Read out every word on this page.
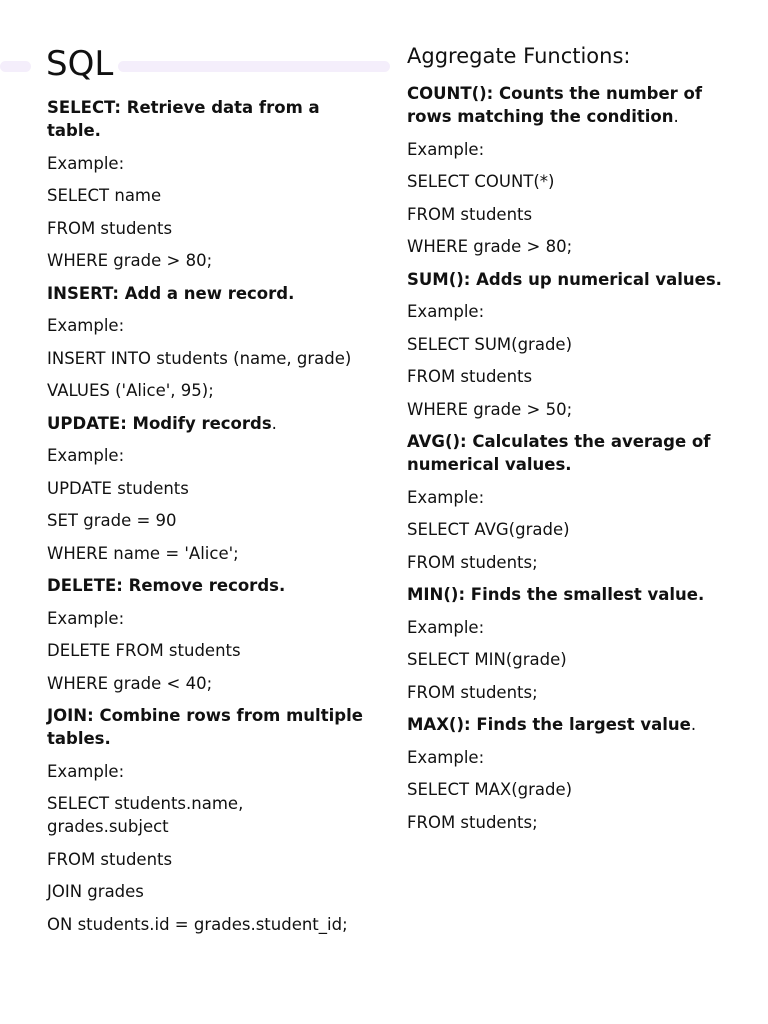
SQL

SELECT: Retrieve data from a table.

Example:

SELECT name

FROM students

WHERE grade > 80;

INSERT: Add a new record.

Example:

INSERT INTO students (name, grade)

VALUES ('Alice', 95);

UPDATE: Modify records.

Example:

UPDATE students

SET grade = 90

WHERE name = 'Alice';

DELETE: Remove records.

Example:

DELETE FROM students

WHERE grade < 40;

JOIN: Combine rows from multiple tables.

Example:

SELECT students.name, grades.subject

FROM students

JOIN grades

ON students.id = grades.student_id;

Aggregate Functions:

COUNT(): Counts the number of rows matching the condition.

Example:

SELECT COUNT(*)

FROM students

WHERE grade > 80;

SUM(): Adds up numerical values.

Example:

SELECT SUM(grade)

FROM students

WHERE grade > 50;

AVG(): Calculates the average of numerical values.

Example:

SELECT AVG(grade)

FROM students;

MIN(): Finds the smallest value.

Example:

SELECT MIN(grade)

FROM students;

MAX(): Finds the largest value.

Example:

SELECT MAX(grade)

FROM students;
